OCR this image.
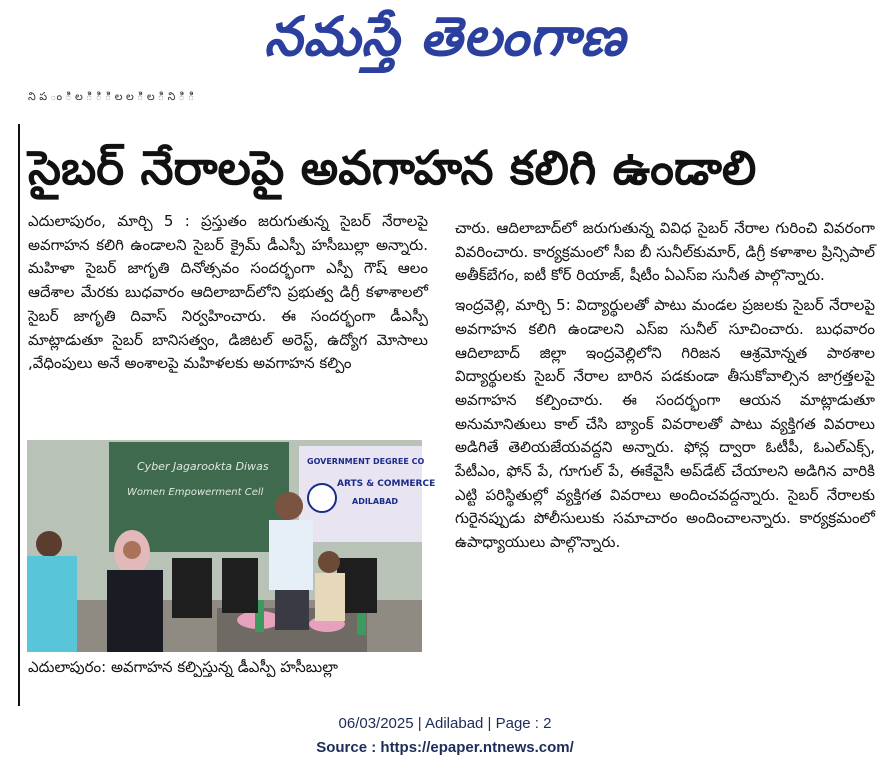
నమస్తే తెలంగాణ
ని ప ం ి ల ి ి ి ల ల ి ల ి ని ి ి
సైబర్ నేరాలపై అవగాహన కలిగి ఉండాలి

ఎదులాపురం, మార్చి 5 : ప్రస్తుతం జరుగుతున్న సైబర్ నేరాలపై అవగాహన కలిగి ఉండాలని సైబర్ క్రైమ్ డీఎస్పీ హసీబుల్లా అన్నారు. మహిళా సైబర్ జాగృతి దినోత్సవం సందర్భంగా ఎస్పీ గౌష్ ఆలం ఆదేశాల మేరకు బుధవారం ఆదిలాబాద్‌లోని ప్రభుత్వ డిగ్రీ కళాశాలలో సైబర్ జాగృతి దివాస్ నిర్వహించారు. ఈ సందర్భంగా డీఎస్పీ మాట్లాడుతూ సైబర్ బానిసత్వం, డిజిటల్ అరెస్ట్, ఉద్యోగ మోసాలు ,వేధింపులు అనే అంశాలపై మహిళలకు అవగాహన కల్పిం

Cyber Jagarookta Diwas
Women Empowerment Cell
GOVERNMENT DEGREE CO
ARTS & COMMERCE
ADILABAD
ఎదులాపురం: అవగాహన కల్పిస్తున్న డీఎస్పీ హసీబుల్లా

చారు. ఆదిలాబాద్‌లో జరుగుతున్న వివిధ సైబర్ నేరాల గురించి వివరంగా వివరించారు. కార్యక్రమంలో సీఐ బీ సునీల్‌కుమార్, డిగ్రీ కళాశాల ప్రిన్సిపాల్ అతీక్‌బేగం, ఐటీ కోర్ రియాజ్, షీటీం ఏఎస్‌ఐ సునీత పాల్గొన్నారు.

ఇంద్రవెల్లి, మార్చి 5: విద్యార్థులతో పాటు మండల ప్రజలకు సైబర్ నేరాలపై అవగాహన కలిగి ఉండాలని ఎస్ఐ సునీల్ సూచించారు. బుధవారం ఆదిలాబాద్ జిల్లా ఇంద్రవెల్లిలోని గిరిజన ఆశ్రమోన్నత పాఠశాల విద్యార్థులకు సైబర్ నేరాల బారిన పడకుండా తీసుకోవాల్సిన జాగ్రత్తలపై అవగాహన కల్పించారు. ఈ సందర్భంగా ఆయన మాట్లాడుతూ అనుమానితులు కాల్ చేసి బ్యాంక్ వివరాలతో పాటు వ్యక్తిగత వివరాలు అడిగితే తెలియజేయవద్దని అన్నారు. ఫోన్ల ద్వారా ఓటీపీ, ఓఎల్ఎక్స్, పేటీఎం, ఫోన్ పే, గూగుల్ పే, ఈకేవైసీ అప్‌డేట్ చేయాలని అడిగిన వారికి ఎట్టి పరిస్థితుల్లో వ్యక్తిగత వివరాలు అందించవద్దన్నారు. సైబర్ నేరాలకు గురైనప్పుడు పోలీసులుకు సమాచారం అందించాలన్నారు. కార్యక్రమంలో ఉపాధ్యాయులు పాల్గొన్నారు.

06/03/2025 | Adilabad | Page : 2
Source : https://epaper.ntnews.com/
